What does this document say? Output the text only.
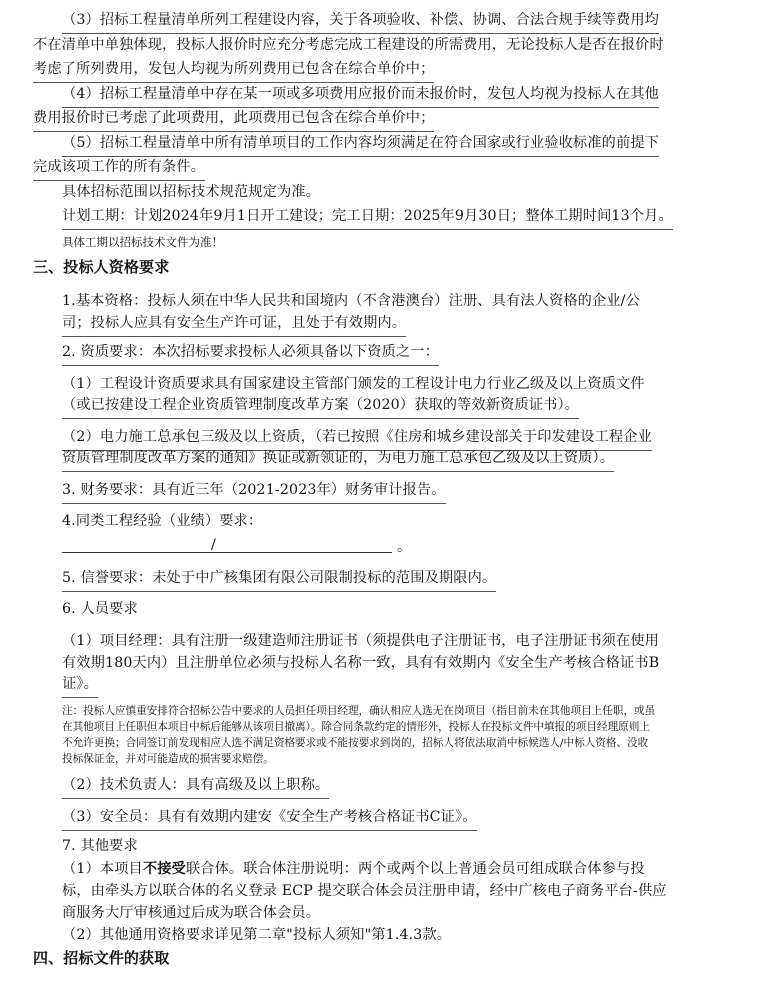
（3）招标工程量清单所列工程建设内容，关于各项验收、补偿、协调、合法合规手续等费用均
不在清单中单独体现，投标人报价时应充分考虑完成工程建设的所需费用，无论投标人是否在报价时
考虑了所列费用，发包人均视为所列费用已包含在综合单价中；
（4）招标工程量清单中存在某一项或多项费用应报价而未报价时，发包人均视为投标人在其他
费用报价时已考虑了此项费用，此项费用已包含在综合单价中；
（5）招标工程量清单中所有清单项目的工作内容均须满足在符合国家或行业验收标准的前提下
完成该项工作的所有条件。
具体招标范围以招标技术规范规定为准。
计划工期：计划2024年9月1日开工建设；完工日期：2025年9月30日；整体工期时间13个月。
具体工期以招标技术文件为准！
三、投标人资格要求
1.基本资格：投标人须在中华人民共和国境内（不含港澳台）注册、具有法人资格的企业/公
司；投标人应具有安全生产许可证，且处于有效期内。
2. 资质要求：本次招标要求投标人必须具备以下资质之一：
（1）工程设计资质要求具有国家建设主管部门颁发的工程设计电力行业乙级及以上资质文件
（或已按建设工程企业资质管理制度改革方案（2020）获取的等效新资质证书）。
（2）电力施工总承包三级及以上资质，（若已按照《住房和城乡建设部关于印发建设工程企业
资质管理制度改革方案的通知》换证或新领证的，为电力施工总承包乙级及以上资质）。
3. 财务要求：具有近三年（2021-2023年）财务审计报告。
4.同类工程经验（业绩）要求：
/	。
5. 信誉要求：未处于中广核集团有限公司限制投标的范围及期限内。
6. 人员要求
（1）项目经理：具有注册一级建造师注册证书（须提供电子注册证书，电子注册证书须在使用
有效期180天内）且注册单位必须与投标人名称一致，具有有效期内《安全生产考核合格证书B
证》。
注：投标人应慎重安排符合招标公告中要求的人员担任项目经理，确认相应人选无在岗项目（指目前未在其他项目上任职，或虽
在其他项目上任职但本项目中标后能够从该项目撤离）。除合同条款约定的情形外，投标人在投标文件中填报的项目经理原则上
不允许更换；合同签订前发现相应人选不满足资格要求或不能按要求到岗的，招标人将依法取消中标候选人/中标人资格、没收
投标保证金，并对可能造成的损害要求赔偿。
（2）技术负责人：具有高级及以上职称。
（3）安全员：具有有效期内建安《安全生产考核合格证书C证》。
7. 其他要求
（1）本项目不接受联合体。联合体注册说明：两个或两个以上普通会员可组成联合体参与投
标，由牵头方以联合体的名义登录 ECP 提交联合体会员注册申请，经中广核电子商务平台-供应
商服务大厅审核通过后成为联合体会员。
（2）其他通用资格要求详见第二章"投标人须知"第1.4.3款。
四、招标文件的获取
